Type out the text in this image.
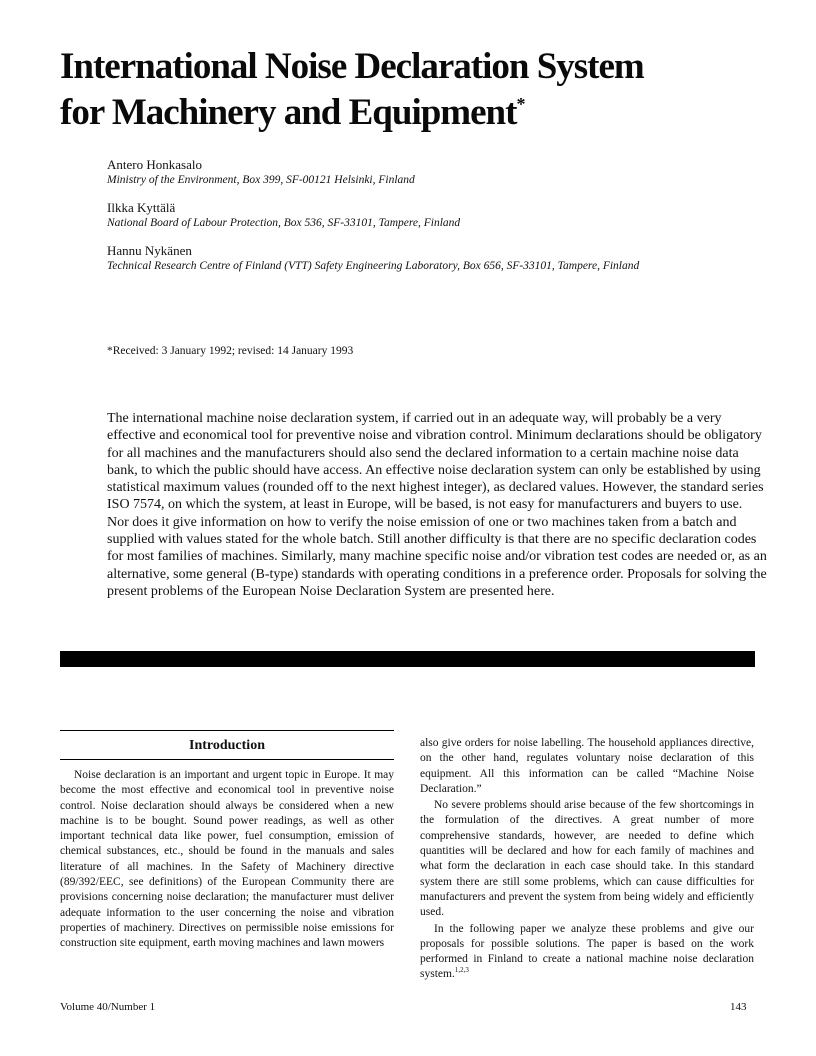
International Noise Declaration System
for Machinery and Equipment*
Antero Honkasalo
Ministry of the Environment, Box 399, SF-00121 Helsinki, Finland
Ilkka Kyttälä
National Board of Labour Protection, Box 536, SF-33101, Tampere, Finland
Hannu Nykänen
Technical Research Centre of Finland (VTT) Safety Engineering Laboratory, Box 656, SF-33101, Tampere, Finland
*Received: 3 January 1992; revised: 14 January 1993

The international machine noise declaration system, if carried out in an adequate way, will probably be a very effective and economical tool for preventive noise and vibration control. Minimum declarations should be obligatory for all machines and the manufacturers should also send the declared information to a certain machine noise data bank, to which the public should have access. An effective noise declaration system can only be established by using statistical maximum values (rounded off to the next highest integer), as declared values. However, the standard series ISO 7574, on which the system, at least in Europe, will be based, is not easy for manufacturers and buyers to use. Nor does it give information on how to verify the noise emission of one or two machines taken from a batch and supplied with values stated for the whole batch. Still another difficulty is that there are no specific declaration codes for most families of machines. Similarly, many machine specific noise and/or vibration test codes are needed or, as an alternative, some general (B-type) standards with operating conditions in a preference order. Proposals for solving the present problems of the European Noise Declaration System are presented here.

Introduction

Noise declaration is an important and urgent topic in Europe. It may become the most effective and economical tool in preventive noise control. Noise declaration should always be considered when a new machine is to be bought. Sound power readings, as well as other important technical data like power, fuel consumption, emission of chemical substances, etc., should be found in the manuals and sales literature of all machines. In the Safety of Machinery directive (89/392/EEC, see definitions) of the European Community there are provisions concerning noise declaration; the manufacturer must deliver adequate information to the user concerning the noise and vibration properties of machinery. Directives on permissible noise emissions for construction site equipment, earth moving machines and lawn mowers

also give orders for noise labelling. The household appliances directive, on the other hand, regulates voluntary noise declaration of this equipment. All this information can be called “Machine Noise Declaration.”

No severe problems should arise because of the few shortcomings in the formulation of the directives. A great number of more comprehensive standards, however, are needed to define which quantities will be declared and how for each family of machines and what form the declaration in each case should take. In this standard system there are still some problems, which can cause difficulties for manufacturers and prevent the system from being widely and efficiently used.

In the following paper we analyze these problems and give our proposals for possible solutions. The paper is based on the work performed in Finland to create a national machine noise declaration system.$^{1,2,3}$

Volume 40/Number 1	143
